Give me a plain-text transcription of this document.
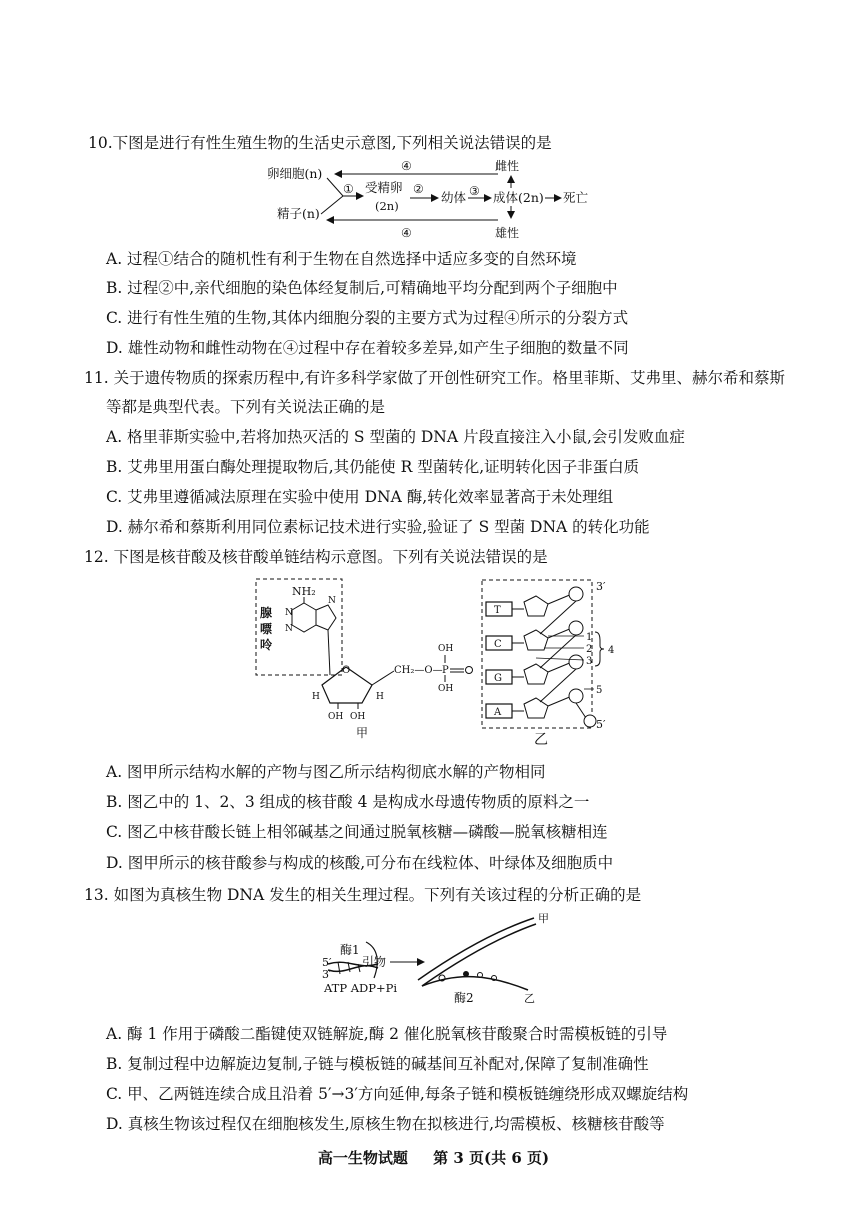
10.下图是进行有性生殖生物的生活史示意图,下列相关说法错误的是
卵细胞(n)
精子(n)
④
④
① 受精卵
(2n)
②
幼体 ③ 成体(2n) 死亡
雌性
雄性
A. 过程①结合的随机性有利于生物在自然选择中适应多变的自然环境
B. 过程②中,亲代细胞的染色体经复制后,可精确地平均分配到两个子细胞中
C. 进行有性生殖的生物,其体内细胞分裂的主要方式为过程④所示的分裂方式
D. 雄性动物和雌性动物在④过程中存在着较多差异,如产生子细胞的数量不同
11. 关于遗传物质的探索历程中,有许多科学家做了开创性研究工作。格里菲斯、艾弗里、赫尔希和蔡斯
等都是典型代表。下列有关说法正确的是
A. 格里菲斯实验中,若将加热灭活的 S 型菌的 DNA 片段直接注入小鼠,会引发败血症
B. 艾弗里用蛋白酶处理提取物后,其仍能使 R 型菌转化,证明转化因子非蛋白质
C. 艾弗里遵循减法原理在实验中使用 DNA 酶,转化效率显著高于未处理组
D. 赫尔希和蔡斯利用同位素标记技术进行实验,验证了 S 型菌 DNA 的转化功能
12. 下图是核苷酸及核苷酸单链结构示意图。下列有关说法错误的是
腺
嘌
呤
NH₂
N
N
N
O
H	H
OH OH
CH₂—O— P
OH
OH
甲
3′
5′
T
C
G
A
1
2
3
4
5
乙
A. 图甲所示结构水解的产物与图乙所示结构彻底水解的产物相同
B. 图乙中的 1、2、3 组成的核苷酸 4 是构成水母遗传物质的原料之一
C. 图乙中核苷酸长链上相邻碱基之间通过脱氧核糖—磷酸—脱氧核糖相连
D. 图甲所示的核苷酸参与构成的核酸,可分布在线粒体、叶绿体及细胞质中
13. 如图为真核生物 DNA 发生的相关生理过程。下列有关该过程的分析正确的是
酶1
5′
3′
引物
ATP ADP+Pi
甲
酶2	乙
A. 酶 1 作用于磷酸二酯键使双链解旋,酶 2 催化脱氧核苷酸聚合时需模板链的引导
B. 复制过程中边解旋边复制,子链与模板链的碱基间互补配对,保障了复制准确性
C. 甲、乙两链连续合成且沿着 5′→3′方向延伸,每条子链和模板链缠绕形成双螺旋结构
D. 真核生物该过程仅在细胞核发生,原核生物在拟核进行,均需模板、核糖核苷酸等
高一生物试题 第 3 页(共 6 页)
